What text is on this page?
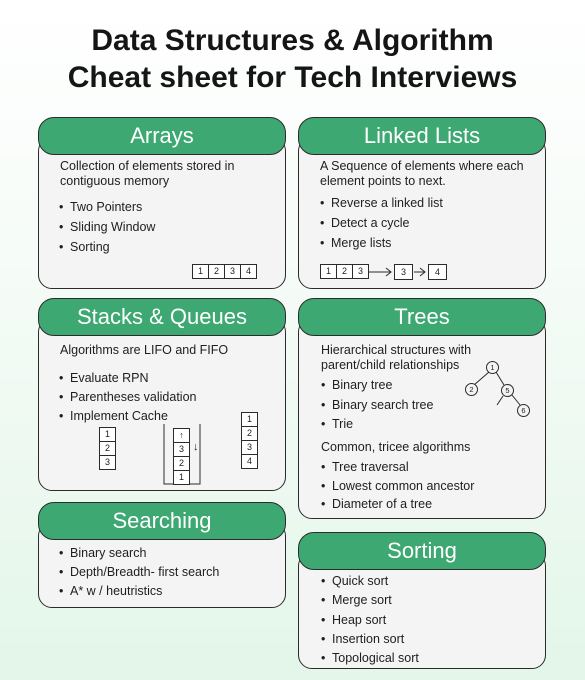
Data Structures & Algorithm
Cheat sheet for Tech Interviews
Arrays
Collection of elements stored in contiguous memory
• Two Pointers
• Sliding Window
• Sorting
1	2	3	4
Linked Lists
A Sequence of elements where each element points to next.
• Reverse a linked list
• Detect a cycle
• Merge lists
1	2	3	3	4
Stacks & Queues
Algorithms are LIFO and FIFO
• Evaluate RPN
• Parentheses validation
• Implement Cache
1
2
3
↑
3
2
1
↓
1
2
3
4
Trees
Hierarchical structures with parent/child relationships
• Binary tree
• Binary search tree
• Trie
Common, tricee algorithms
• Tree traversal
• Lowest common ancestor
• Diameter of a tree
1
2	5
6
Searching
• Binary search
• Depth/Breadth- first search
• A* w / heutristics
Sorting
• Quick sort
• Merge sort
• Heap sort
• Insertion sort
• Topological sort
